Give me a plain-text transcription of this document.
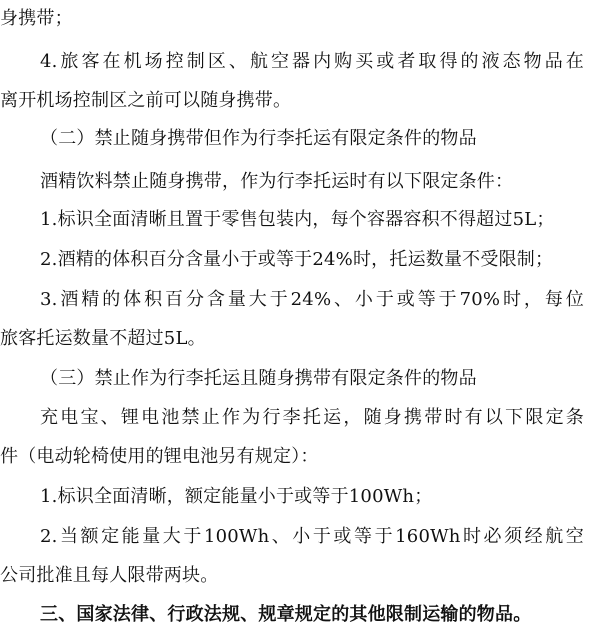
身携带；
4.旅客在机场控制区、航空器内购买或者取得的液态物品在
离开机场控制区之前可以随身携带。
（二）禁止随身携带但作为行李托运有限定条件的物品
酒精饮料禁止随身携带，作为行李托运时有以下限定条件：
1.标识全面清晰且置于零售包装内，每个容器容积不得超过5L；
2.酒精的体积百分含量小于或等于24%时，托运数量不受限制；
3.酒精的体积百分含量大于24%、小于或等于70%时，每位
旅客托运数量不超过5L。
（三）禁止作为行李托运且随身携带有限定条件的物品
充电宝、锂电池禁止作为行李托运，随身携带时有以下限定条
件（电动轮椅使用的锂电池另有规定）：
1.标识全面清晰，额定能量小于或等于100Wh；
2.当额定能量大于100Wh、小于或等于160Wh时必须经航空
公司批准且每人限带两块。
三、国家法律、行政法规、规章规定的其他限制运输的物品。
